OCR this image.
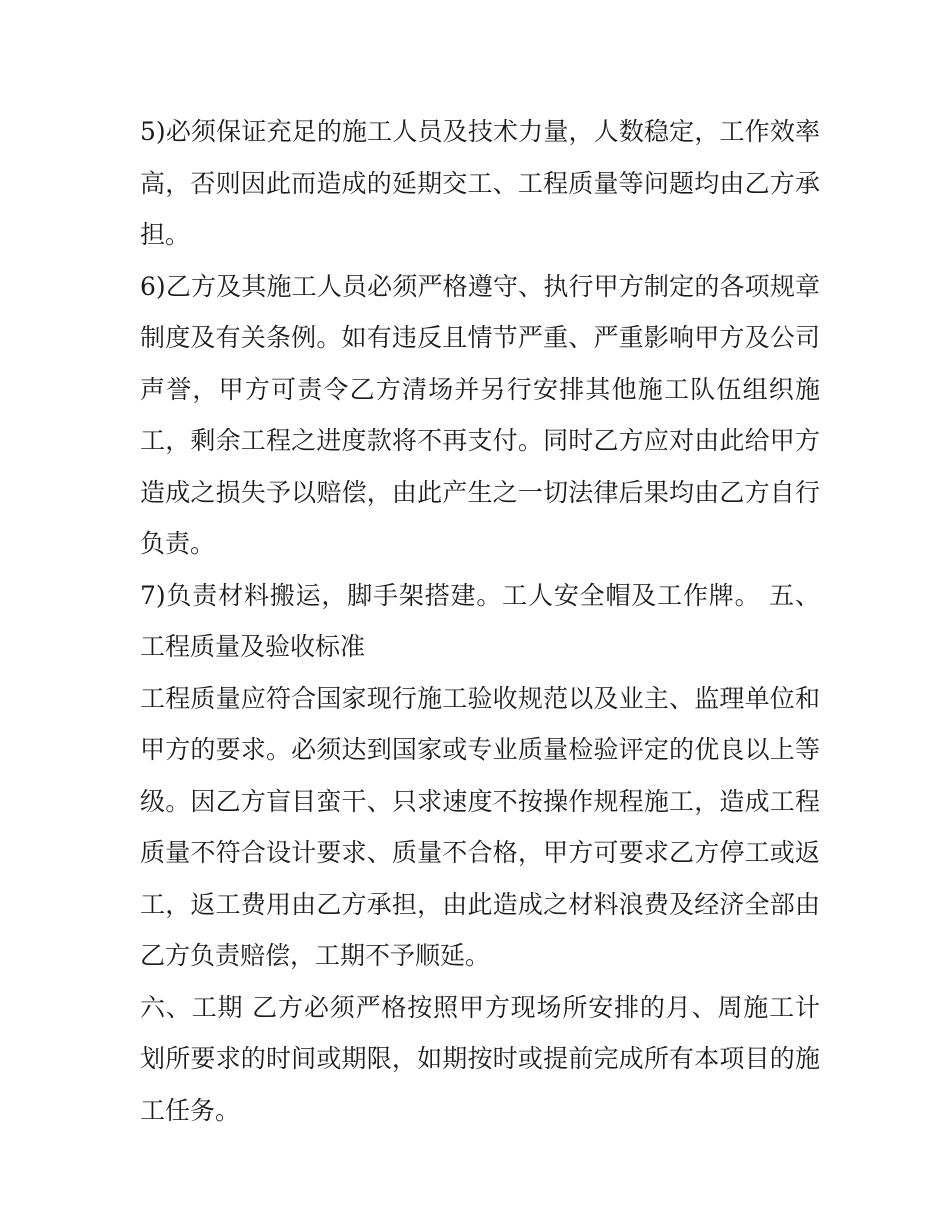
5)必须保证充足的施工人员及技术力量，人数稳定，工作效率高，否则因此而造成的延期交工、工程质量等问题均由乙方承担。

6)乙方及其施工人员必须严格遵守、执行甲方制定的各项规章制度及有关条例。如有违反且情节严重、严重影响甲方及公司声誉，甲方可责令乙方清场并另行安排其他施工队伍组织施工，剩余工程之进度款将不再支付。同时乙方应对由此给甲方造成之损失予以赔偿，由此产生之一切法律后果均由乙方自行负责。

7)负责材料搬运，脚手架搭建。工人安全帽及工作牌。 五、工程质量及验收标准

工程质量应符合国家现行施工验收规范以及业主、监理单位和甲方的要求。必须达到国家或专业质量检验评定的优良以上等级。因乙方盲目蛮干、只求速度不按操作规程施工，造成工程质量不符合设计要求、质量不合格，甲方可要求乙方停工或返工，返工费用由乙方承担，由此造成之材料浪费及经济全部由乙方负责赔偿，工期不予顺延。

六、工期 乙方必须严格按照甲方现场所安排的月、周施工计划所要求的时间或期限，如期按时或提前完成所有本项目的施工任务。
